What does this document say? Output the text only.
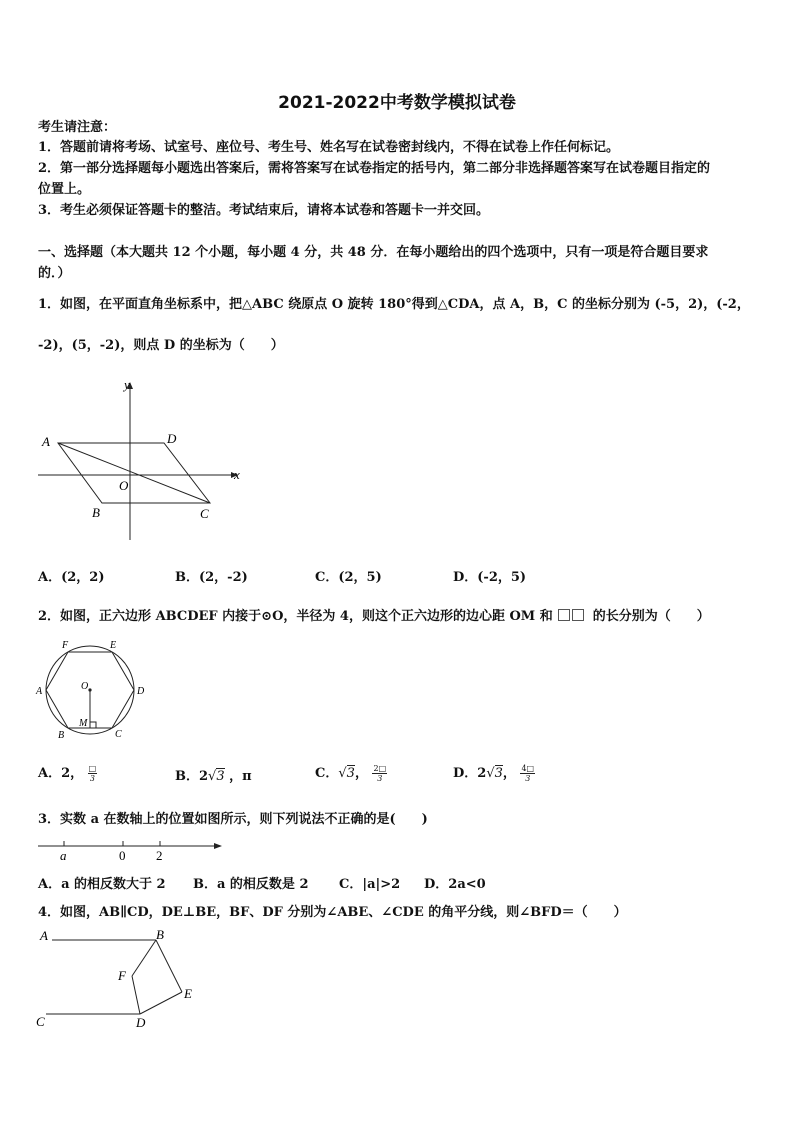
2021-2022中考数学模拟试卷
考生请注意：
1．答题前请将考场、试室号、座位号、考生号、姓名写在试卷密封线内，不得在试卷上作任何标记。
2．第一部分选择题每小题选出答案后，需将答案写在试卷指定的括号内，第二部分非选择题答案写在试卷题目指定的
位置上。
3．考生必须保证答题卡的整洁。考试结束后，请将本试卷和答题卡一并交回。
一、选择题（本大题共 12 个小题，每小题 4 分，共 48 分．在每小题给出的四个选项中，只有一项是符合题目要求
的．）
1．如图，在平面直角坐标系中，把△ABC 绕原点 O 旋转 180°得到△CDA，点 A，B，C 的坐标分别为 (-5，2)，(-2，
-2)，(5，-2)，则点 D 的坐标为（　　）
A	D
B	C
O
x
y
A．(2，2)	B．(2，-2)	C．(2，5)	D．(-2，5)
2．如图，正六边形 ABCDEF 内接于⊙O，半径为 4，则这个正六边形的边心距 OM 和	的长分别为（　　）
A
B	C
D
E
F
O
M
A．2， □
3	B．2√3 ，π	C．√3， $\frac{2□}{3}$	D．2√3， $\frac{4□}{3}$
3．实数 a 在数轴上的位置如图所示，则下列说法不正确的是(　　)
a	0 2
A．a 的相反数大于 2 B．a 的相反数是 2 C．|a|>2 D．2a<0
4．如图，AB∥CD，DE⊥BE，BF、DF 分别为∠ABE、∠CDE 的角平分线，则∠BFD＝（　　）
A	B
C	D
E
F
